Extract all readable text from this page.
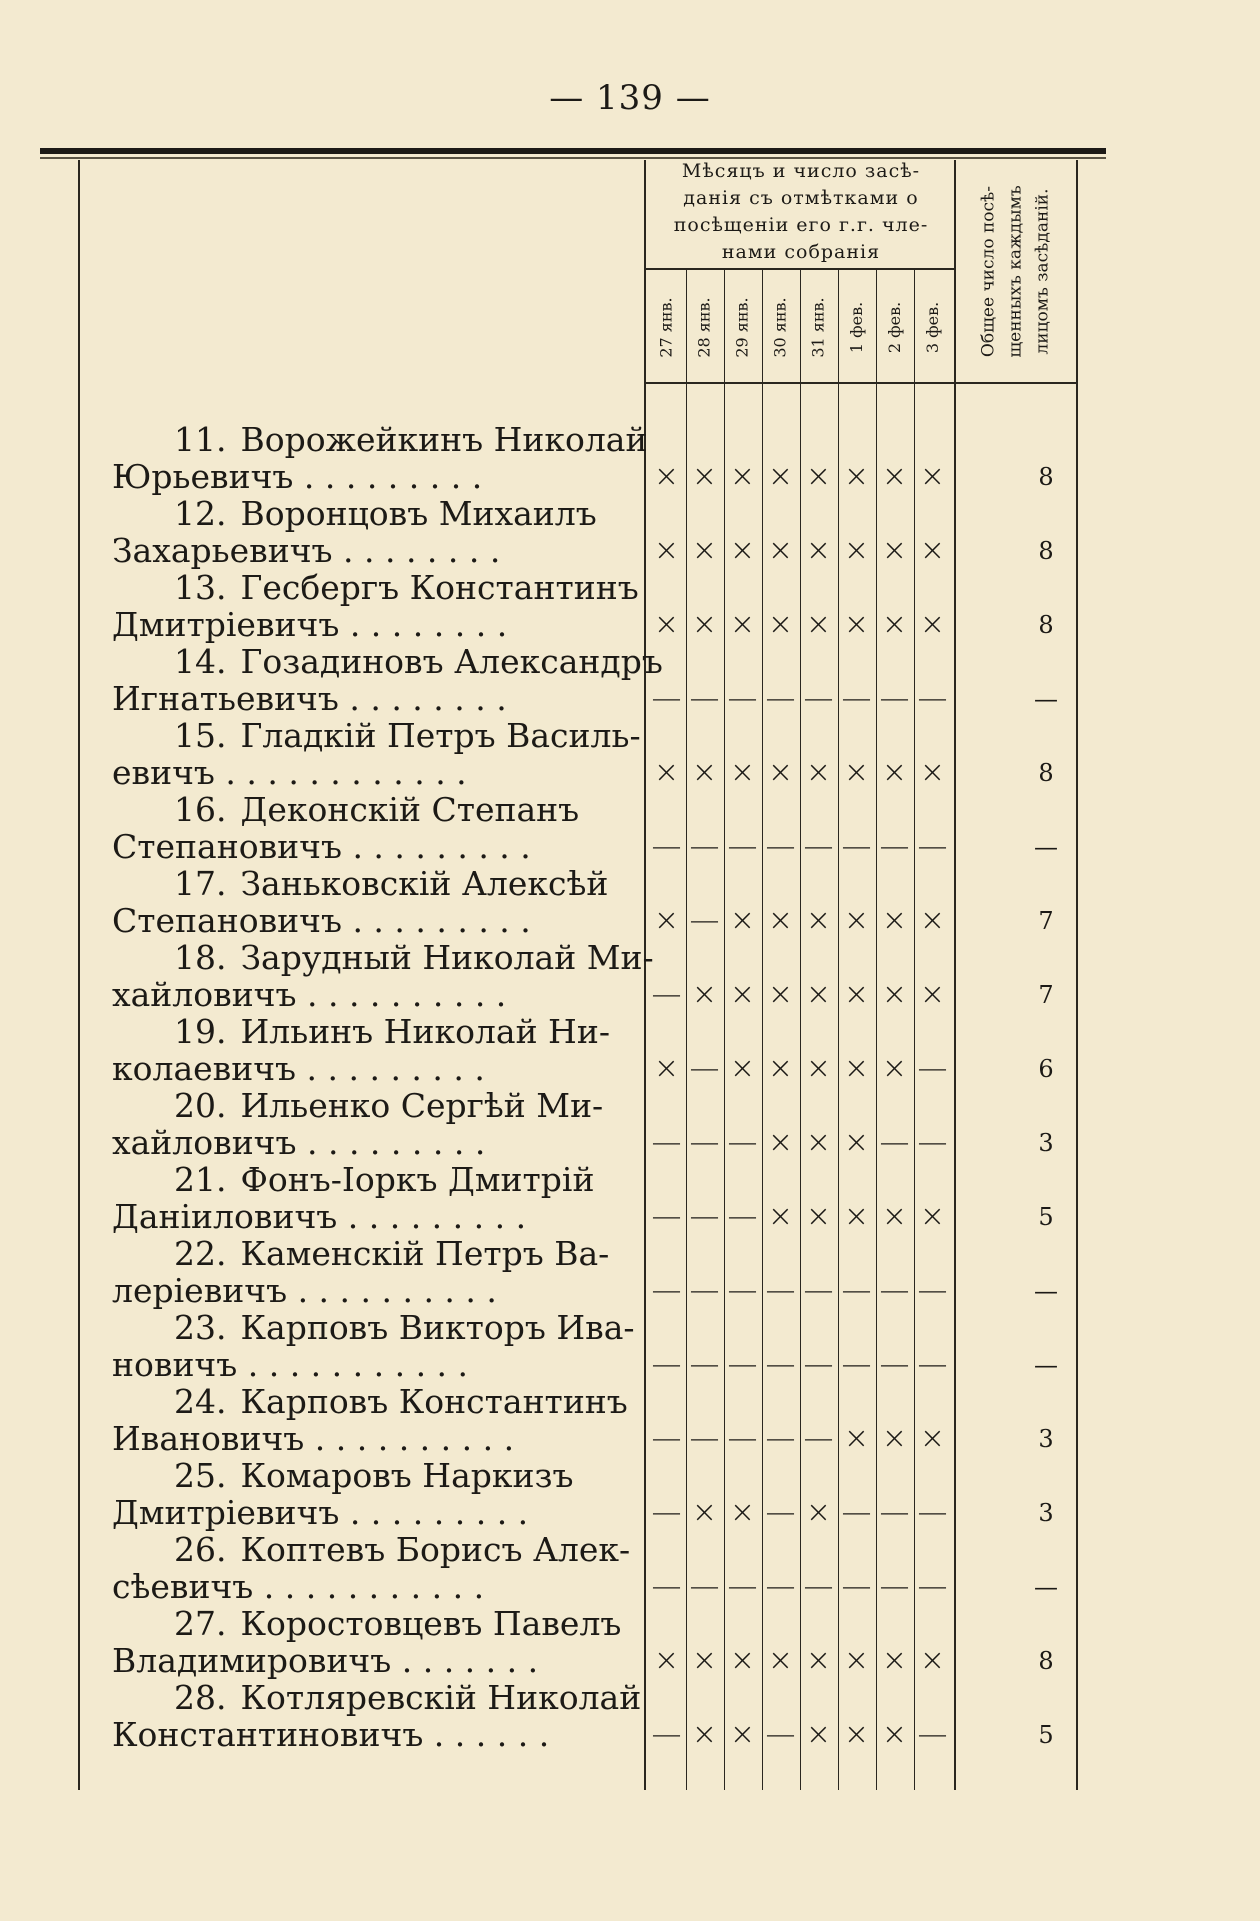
— 139 —
Мѣсяцъ и число засѣ-
данія съ отмѣтками о
посѣщеніи его г.г. чле-
нами собранія
27 янв. 28 янв. 29 янв. 30 янв. 31 янв. 1 фев. 2 фев. 3 фев. Общее число посѣ- щенныхъ каждымъ лицомъ засѣданій.
11. Ворожейкинъ Николай
Юрьевичъ . . . . . . . . .	× × × × × × × ×	8
12. Воронцовъ Михаилъ
Захарьевичъ . . . . . . . .	× × × × × × × ×	8
13. Гесбергъ Константинъ
Дмитріевичъ . . . . . . . .	× × × × × × × ×	8
14. Гозадиновъ Александръ
Игнатьевичъ . . . . . . . .	— — — — — — — —	—
15. Гладкій Петръ Василь-
евичъ . . . . . . . . . . . .	× × × × × × × ×	8
16. Деконскій Степанъ
Степановичъ . . . . . . . . .	— — — — — — — —	—
17. Заньковскій Алексѣй
Степановичъ . . . . . . . . .	× — × × × × × ×	7
18. Зарудный Николай Ми-
хайловичъ . . . . . . . . . .	— × × × × × × ×	7
19. Ильинъ Николай Ни-
колаевичъ . . . . . . . . .	× — × × × × × —	6
20. Ильенко Сергѣй Ми-
хайловичъ . . . . . . . . .	— — — × × × — —	3
21. Фонъ-Іоркъ Дмитрій
Даніиловичъ . . . . . . . . .	— — — × × × × ×	5
22. Каменскій Петръ Ва-
леріевичъ . . . . . . . . . .	— — — — — — — —	—
23. Карповъ Викторъ Ива-
новичъ . . . . . . . . . . .	— — — — — — — —	—
24. Карповъ Константинъ
Ивановичъ . . . . . . . . . .	— — — — — × × ×	3
25. Комаровъ Наркизъ
Дмитріевичъ . . . . . . . . .	— × × — × — — —	3
26. Коптевъ Борисъ Алек-
сѣевичъ . . . . . . . . . . .	— — — — — — — —	—
27. Коростовцевъ Павелъ
Владимировичъ . . . . . . .	× × × × × × × ×	8
28. Котляревскій Николай
Константиновичъ . . . . . .	— × × — × × × —	5
